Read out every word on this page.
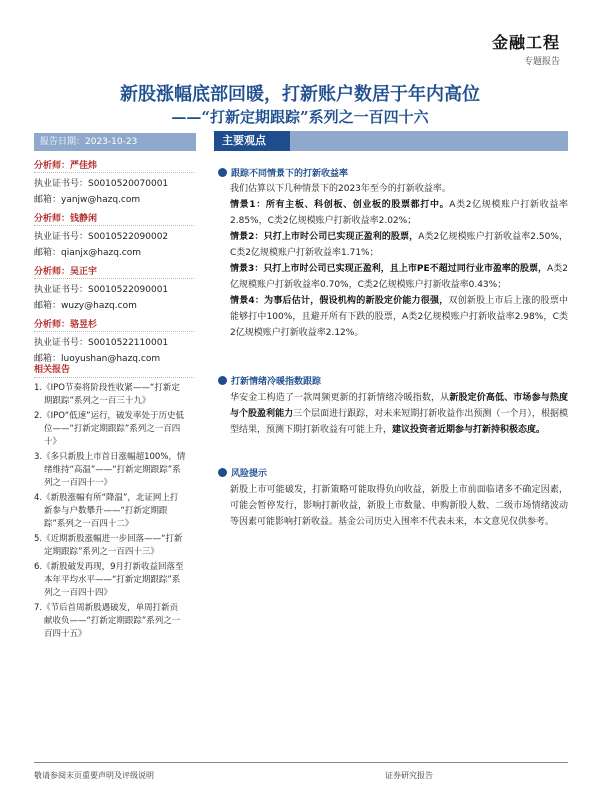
金融工程
专题报告
新股涨幅底部回暖，打新账户数居于年内高位
——“打新定期跟踪”系列之一百四十六
报告日期：2023-10-23
分析师：严佳炜
执业证书号：S0010520070001
邮箱：yanjw@hazq.com
分析师：钱静闲
执业证书号：S0010522090002
邮箱：qianjx@hazq.com
分析师：吴正宇
执业证书号：S0010522090001
邮箱：wuzy@hazq.com
分析师：骆昱杉
执业证书号：S0010522110001
邮箱：luoyushan@hazq.com
相关报告
1.《IPO节奏将阶段性收紧——“打新定期跟踪”系列之一百三十九》
2.《IPO“低速”运行，破发率处于历史低位——“打新定期跟踪”系列之一百四十》
3.《多只新股上市首日涨幅超100%，情绪维持“高温”——“打新定期跟踪”系列之一百四十一》
4.《新股涨幅有所“降温”，北证网上打新参与户数攀升——“打新定期跟踪”系列之一百四十二》
5.《近期新股涨幅进一步回落——“打新定期跟踪”系列之一百四十三》
6.《新股破发再现，9月打新收益回落至本年平均水平——“打新定期跟踪”系列之一百四十四》
7.《节后首周新股遇破发，单周打新贡献收负——“打新定期跟踪”系列之一百四十五》
主要观点
跟踪不同情景下的打新收益率
我们估算以下几种情景下的2023年至今的打新收益率。
情景1：所有主板、科创板、创业板的股票都打中。A类2亿规模账户打新收益率2.85%，C类2亿规模账户打新收益率2.02%；
情景2：只打上市时公司已实现正盈利的股票，A类2亿规模账户打新收益率2.50%，C类2亿规模账户打新收益率1.71%；
情景3：只打上市时公司已实现正盈利，且上市PE不超过同行业市盈率的股票，A类2亿规模账户打新收益率0.70%，C类2亿规模账户打新收益率0.43%；
情景4：为事后估计，假设机构的新股定价能力很强，双创新股上市后上涨的股票中能够打中100%，且避开所有下跌的股票，A类2亿规模账户打新收益率2.98%，C类2亿规模账户打新收益率2.12%。
打新情绪冷暖指数跟踪
华安金工构造了一款周频更新的打新情绪冷暖指数，从新股定价高低、市场参与热度与个股盈利能力三个层面进行跟踪，对未来短期打新收益作出预测（一个月），根据模型结果，预测下期打新收益有可能上升，建议投资者近期参与打新持积极态度。
风险提示
新股上市可能破发，打新策略可能取得负向收益，新股上市前面临诸多不确定因素，可能会暂停发行，影响打新收益，新股上市数量、申购新股人数、二级市场情绪波动等因素可能影响打新收益。基金公司历史入围率不代表未来，本文意见仅供参考。
敬请参阅末页重要声明及评级说明	证券研究报告
